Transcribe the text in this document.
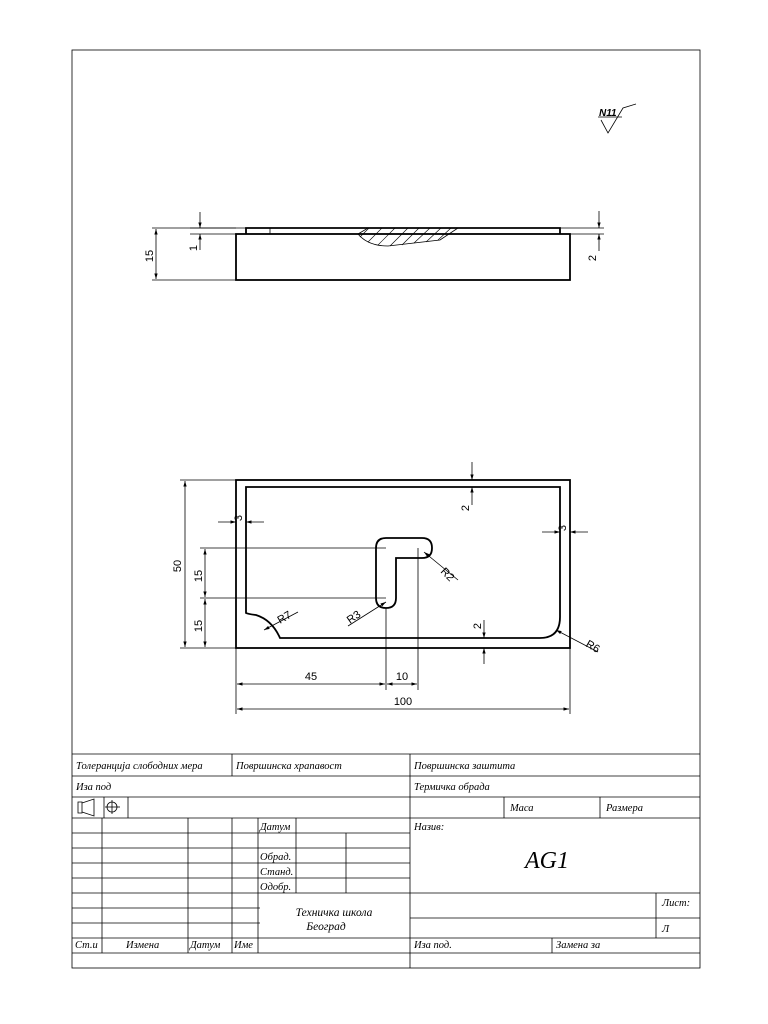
N11
15
1
2
50
15
15
2
3
3
2
R2
R3
R7
R6
45	10
100
Толеранција слободних мера	Површинска храпавост	Површинска заштита
Иза под	Термичка обрада
Маса	Размера
Датум	Назив:
AG1
Обрад.
Станд.
Одобр.
Техничка школа
Београд
Лист:
Л
Ст.и	Измена	Датум Име	Иза под.	Замена за
